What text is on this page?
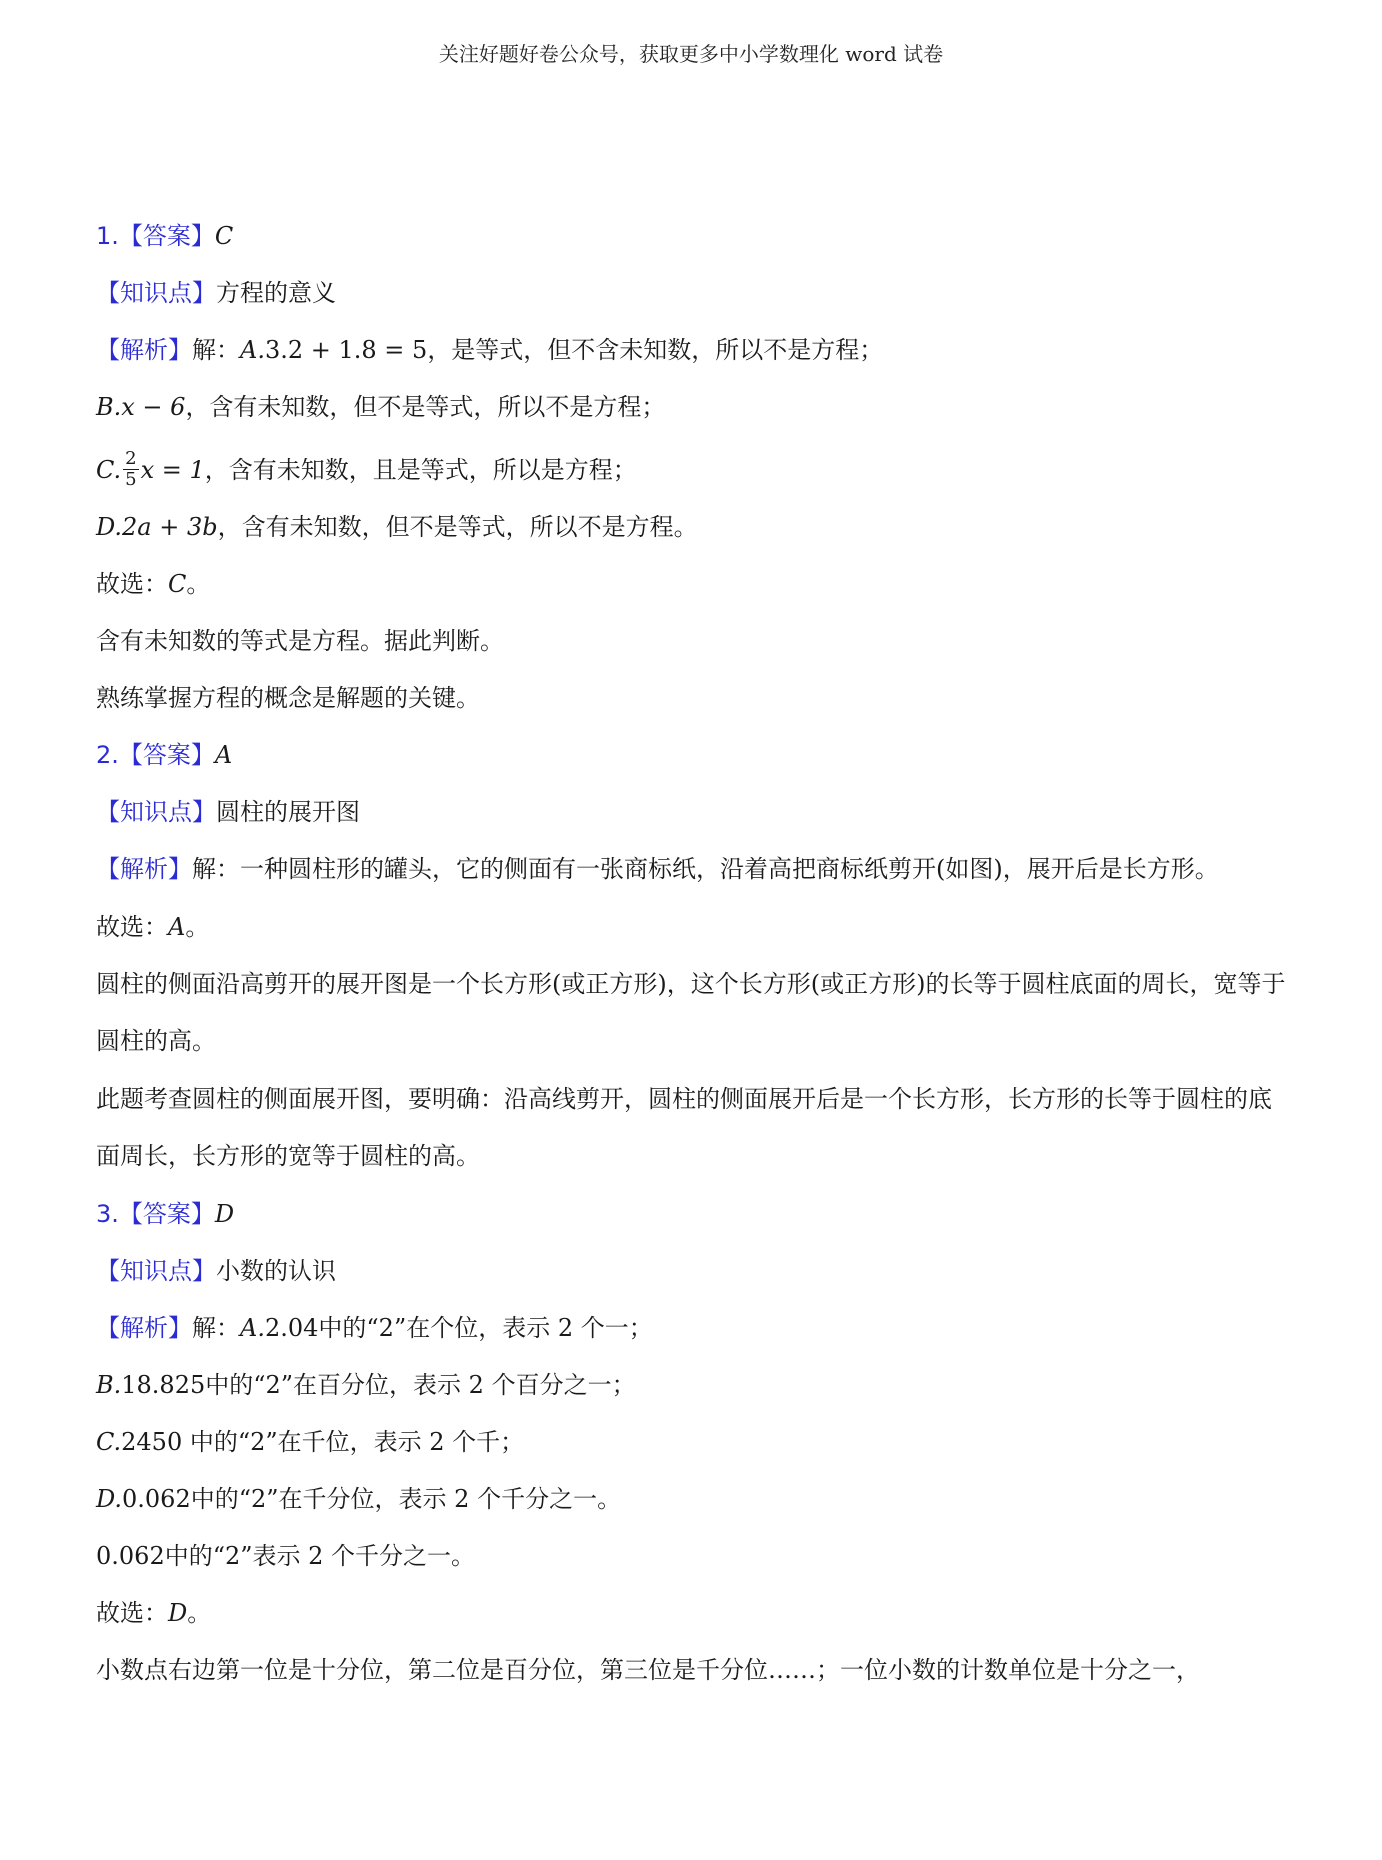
关注好题好卷公众号，获取更多中小学数理化 word 试卷
1.【答案】C
【知识点】方程的意义
【解析】解：A.3.2 + 1.8 = 5，是等式，但不含未知数，所以不是方程；
B.x − 6，含有未知数，但不是等式，所以不是方程；
C. $\frac{2}{5}$ x = 1，含有未知数，且是等式，所以是方程；
D.2a + 3b，含有未知数，但不是等式，所以不是方程。
故选：C。
含有未知数的等式是方程。据此判断。
熟练掌握方程的概念是解题的关键。
2.【答案】A
【知识点】圆柱的展开图
【解析】解：一种圆柱形的罐头，它的侧面有一张商标纸，沿着高把商标纸剪开(如图)，展开后是长方形。
故选：A。
圆柱的侧面沿高剪开的展开图是一个长方形(或正方形)，这个长方形(或正方形)的长等于圆柱底面的周长，宽等于圆柱的高。
此题考查圆柱的侧面展开图，要明确：沿高线剪开，圆柱的侧面展开后是一个长方形，长方形的长等于圆柱的底面周长，长方形的宽等于圆柱的高。
3.【答案】D
【知识点】小数的认识
【解析】解：A.2.04中的“2”在个位，表示 2 个一；
B.18.825中的“2”在百分位，表示 2 个百分之一；
C.2450 中的“2”在千位，表示 2 个千；
D.0.062中的“2”在千分位，表示 2 个千分之一。
0.062中的“2”表示 2 个千分之一。
故选：D。
小数点右边第一位是十分位，第二位是百分位，第三位是千分位……；一位小数的计数单位是十分之一，
